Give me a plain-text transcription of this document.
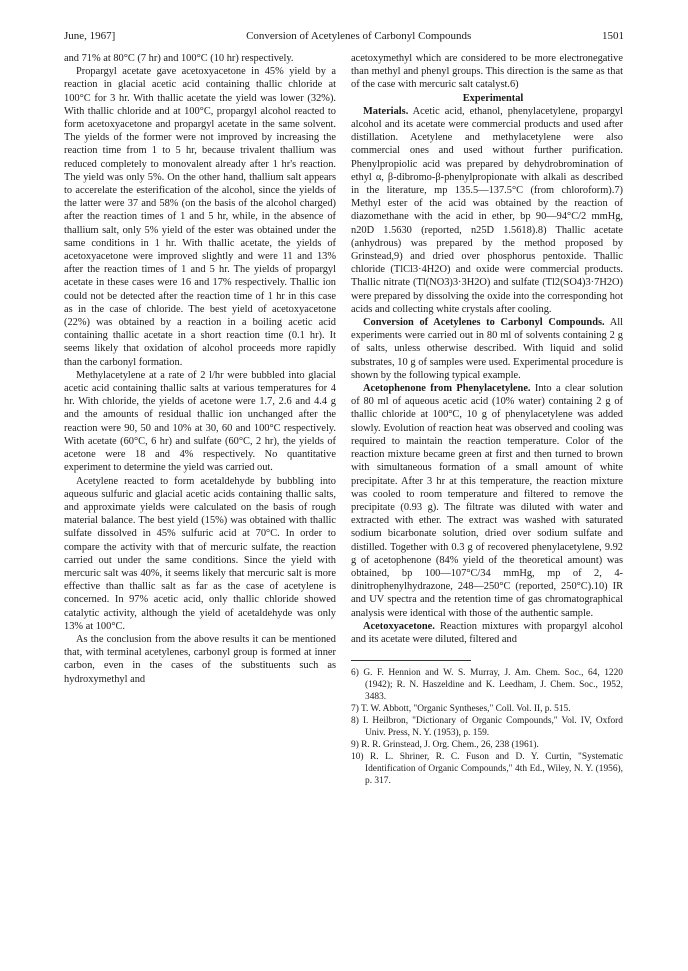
June, 1967]	Conversion of Acetylenes of Carbonyl Compounds	1501

and 71% at 80°C (7 hr) and 100°C (10 hr) respectively.

Propargyl acetate gave acetoxyacetone in 45% yield by a reaction in glacial acetic acid containing thallic chloride at 100°C for 3 hr. With thallic acetate the yield was lower (32%). With thallic chloride and at 100°C, propargyl alcohol reacted to form acetoxyacetone and propargyl acetate in the same solvent. The yields of the former were not improved by increasing the reaction time from 1 to 5 hr, because trivalent thallium was reduced completely to monovalent already after 1 hr's reaction. The yield was only 5%. On the other hand, thallium salt appears to accerelate the esterification of the alcohol, since the yields of the latter were 37 and 58% (on the basis of the alcohol charged) after the reaction times of 1 and 5 hr, while, in the absence of thallium salt, only 5% yield of the ester was obtained under the same conditions in 1 hr. With thallic acetate, the yields of acetoxyacetone were improved slightly and were 11 and 13% after the reaction times of 1 and 5 hr. The yields of propargyl acetate in these cases were 16 and 17% respectively. Thallic ion could not be detected after the reaction time of 1 hr in this case as in the case of chloride. The best yield of acetoxyacetone (22%) was obtained by a reaction in a boiling acetic acid containing thallic acetate in a short reaction time (0.1 hr). It seems likely that oxidation of alcohol proceeds more rapidly than the carbonyl formation.

Methylacetylene at a rate of 2 l/hr were bubbled into glacial acetic acid containing thallic salts at various temperatures for 4 hr. With chloride, the yields of acetone were 1.7, 2.6 and 4.4 g and the amounts of residual thallic ion unchanged after the reaction were 90, 50 and 10% at 30, 60 and 100°C respectively. With acetate (60°C, 6 hr) and sulfate (60°C, 2 hr), the yields of acetone were 18 and 4% respectively. No quantitative experiment to determine the yield was carried out.

Acetylene reacted to form acetaldehyde by bubbling into aqueous sulfuric and glacial acetic acids containing thallic salts, and approximate yields were calculated on the basis of rough material balance. The best yield (15%) was obtained with thallic sulfate dissolved in 45% sulfuric acid at 70°C. In order to compare the activity with that of mercuric sulfate, the reaction carried out under the same conditions. Since the yield with mercuric salt was 40%, it seems likely that mercuric salt is more effective than thallic salt as far as the case of acetylene is concerned. In 97% acetic acid, only thallic chloride showed catalytic activity, although the yield of acetaldehyde was only 13% at 100°C.

As the conclusion from the above results it can be mentioned that, with terminal acetylenes, carbonyl group is formed at inner carbon, even in the cases of the substituents such as hydroxymethyl and

acetoxymethyl which are considered to be more electronegative than methyl and phenyl groups. This direction is the same as that of the case with mercuric salt catalyst.6)

Experimental

Materials. Acetic acid, ethanol, phenylacetylene, propargyl alcohol and its acetate were commercial products and used after distillation. Acetylene and methylacetylene were also commercial ones and used without further purification. Phenylpropiolic acid was prepared by dehydrobromination of ethyl α, β-dibromo-β-phenylpropionate with alkali as described in the literature, mp 135.5—137.5°C (from chloroform).7) Methyl ester of the acid was obtained by the reaction of diazomethane with the acid in ether, bp 90—94°C/2 mmHg, n20D 1.5630 (reported, n25D 1.5618).8) Thallic acetate (anhydrous) was prepared by the method proposed by Grinstead,9) and dried over phosphorus pentoxide. Thallic chloride (TlCl3·4H2O) and oxide were commercial products. Thallic nitrate (Tl(NO3)3·3H2O) and sulfate (Tl2(SO4)3·7H2O) were prepared by dissolving the oxide into the corresponding hot acids and collecting white crystals after cooling.

Conversion of Acetylenes to Carbonyl Compounds. All experiments were carried out in 80 ml of solvents containing 2 g of salts, unless otherwise described. With liquid and solid substrates, 10 g of samples were used. Experimental procedure is shown by the following typical example.

Acetophenone from Phenylacetylene. Into a clear solution of 80 ml of aqueous acetic acid (10% water) containing 2 g of thallic chloride at 100°C, 10 g of phenylacetylene was added slowly. Evolution of reaction heat was observed and cooling was required to maintain the reaction temperature. Color of the reaction mixture became green at first and then turned to brown with simultaneous formation of a small amount of white precipitate. After 3 hr at this temperature, the reaction mixture was cooled to room temperature and filtered to remove the precipitate (0.93 g). The filtrate was diluted with water and extracted with ether. The extract was washed with saturated sodium bicarbonate solution, dried over sodium sulfate and distilled. Together with 0.3 g of recovered phenylacetylene, 9.92 g of acetophenone (84% yield of the theoretical amount) was obtained, bp 100—107°C/34 mmHg, mp of 2, 4-dinitrophenylhydrazone, 248—250°C (reported, 250°C).10) IR and UV spectra and the retention time of gas chromatographical analysis were identical with those of the authentic sample.

Acetoxyacetone. Reaction mixtures with propargyl alcohol and its acetate were diluted, filtered and

6) G. F. Hennion and W. S. Murray, J. Am. Chem. Soc., 64, 1220 (1942); R. N. Haszeldine and K. Leedham, J. Chem. Soc., 1952, 3483.
7) T. W. Abbott, "Organic Syntheses," Coll. Vol. II, p. 515.
8) I. Heilbron, "Dictionary of Organic Compounds," Vol. IV, Oxford Univ. Press, N. Y. (1953), p. 159.
9) R. R. Grinstead, J. Org. Chem., 26, 238 (1961).
10) R. L. Shriner, R. C. Fuson and D. Y. Curtin, "Systematic Identification of Organic Compounds," 4th Ed., Wiley, N. Y. (1956), p. 317.
